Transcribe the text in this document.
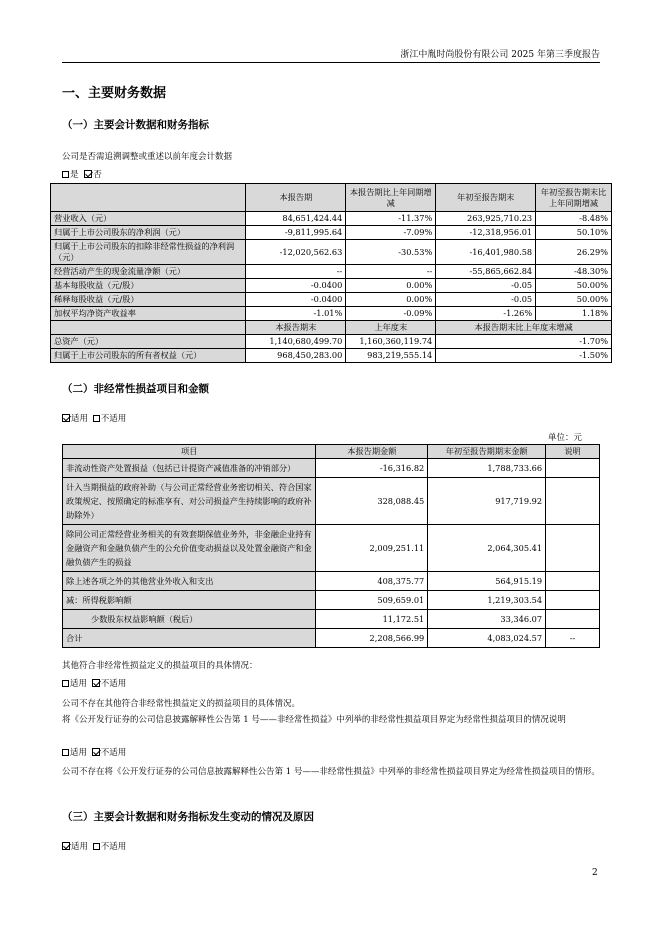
浙江中胤时尚股份有限公司 2025 年第三季度报告
一、主要财务数据
（一）主要会计数据和财务指标
公司是否需追溯调整或重述以前年度会计数据
是 否
	本报告期	本报告期比上年同期增减	年初至报告期末	年初至报告期末比上年同期增减
营业收入（元）	84,651,424.44	-11.37%	263,925,710.23	-8.48%
归属于上市公司股东的净利润（元）	-9,811,995.64	-7.09%	-12,318,956.01	50.10%
归属于上市公司股东的扣除非经常性损益的净利润（元）	-12,020,562.63	-30.53%	-16,401,980.58	26.29%
经营活动产生的现金流量净额（元）	--	--	-55,865,662.84	-48.30%
基本每股收益（元/股）	-0.0400	0.00%	-0.05	50.00%
稀释每股收益（元/股）	-0.0400	0.00%	-0.05	50.00%
加权平均净资产收益率	-1.01%	-0.09%	-1.26%	1.18%
	本报告期末	上年度末	本报告期末比上年度末增减	
总资产（元）	1,140,680,499.70	1,160,360,119.74	-1.70%	
归属于上市公司股东的所有者权益（元）	968,450,283.00	983,219,555.14	-1.50%	
（二）非经常性损益项目和金额
适用 不适用
单位：元
项目	本报告期金额	年初至报告期期末金额	说明
非流动性资产处置损益（包括已计提资产减值准备的冲销部分）	-16,316.82	1,788,733.66	
计入当期损益的政府补助（与公司正常经营业务密切相关、符合国家政策规定、按照确定的标准享有、对公司损益产生持续影响的政府补助除外）	328,088.45	917,719.92	
除同公司正常经营业务相关的有效套期保值业务外，非金融企业持有金融资产和金融负债产生的公允价值变动损益以及处置金融资产和金融负债产生的损益	2,009,251.11	2,064,305.41	
除上述各项之外的其他营业外收入和支出	408,375.77	564,915.19	
减：所得税影响额	509,659.01	1,219,303.54	
少数股东权益影响额（税后）	11,172.51	33,346.07	
合计	2,208,566.99	4,083,024.57	--
其他符合非经常性损益定义的损益项目的具体情况：
适用 不适用
公司不存在其他符合非经常性损益定义的损益项目的具体情况。
将《公开发行证券的公司信息披露解释性公告第 1 号——非经常性损益》中列举的非经常性损益项目界定为经常性损益项目的情况说明
适用 不适用
公司不存在将《公开发行证券的公司信息披露解释性公告第 1 号——非经常性损益》中列举的非经常性损益项目界定为经常性损益项目的情形。
（三）主要会计数据和财务指标发生变动的情况及原因
适用 不适用
2
